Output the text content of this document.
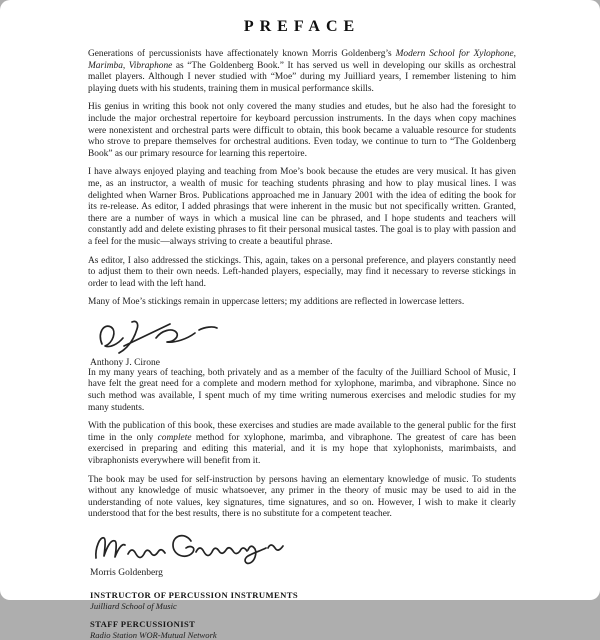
PREFACE

Generations of percussionists have affectionately known Morris Goldenberg’s Modern School for Xylophone, Marimba, Vibraphone as “The Goldenberg Book.” It has served us well in developing our skills as orchestral mallet players. Although I never studied with “Moe” during my Juilliard years, I remember listening to him playing duets with his students, training them in musical performance skills.

His genius in writing this book not only covered the many studies and etudes, but he also had the foresight to include the major orchestral repertoire for keyboard percussion instruments. In the days when copy machines were nonexistent and orchestral parts were difficult to obtain, this book became a valuable resource for students who strove to prepare themselves for orchestral auditions. Even today, we continue to turn to “The Goldenberg Book” as our primary resource for learning this repertoire.

I have always enjoyed playing and teaching from Moe’s book because the etudes are very musical. It has given me, as an instructor, a wealth of music for teaching students phrasing and how to play musical lines. I was delighted when Warner Bros. Publications approached me in January 2001 with the idea of editing the book for its re-release. As editor, I added phrasings that were inherent in the music but not specifically written. Granted, there are a number of ways in which a musical line can be phrased, and I hope students and teachers will constantly add and delete existing phrases to fit their personal musical tastes. The goal is to play with passion and a feel for the music—always striving to create a beautiful phrase.

As editor, I also addressed the stickings. This, again, takes on a personal preference, and players constantly need to adjust them to their own needs. Left-handed players, especially, may find it necessary to reverse stickings in order to lead with the left hand.

Many of Moe’s stickings remain in uppercase letters; my additions are reflected in lowercase letters.

Anthony J. Cirone

In my many years of teaching, both privately and as a member of the faculty of the Juilliard School of Music, I have felt the great need for a complete and modern method for xylophone, marimba, and vibraphone. Since no such method was available, I spent much of my time writing numerous exercises and melodic studies for my many students.

With the publication of this book, these exercises and studies are made available to the general public for the first time in the only complete method for xylophone, marimba, and vibraphone. The greatest of care has been exercised in preparing and editing this material, and it is my hope that xylophonists, marimbaists, and vibraphonists everywhere will benefit from it.

The book may be used for self-instruction by persons having an elementary knowledge of music. To students without any knowledge of music whatsoever, any primer in the theory of music may be used to aid in the understanding of note values, key signatures, time signatures, and so on. However, I wish to make it clearly understood that for the best results, there is no substitute for a competent teacher.

Morris Goldenberg
INSTRUCTOR OF PERCUSSION INSTRUMENTS
Juilliard School of Music
STAFF PERCUSSIONIST
Radio Station WOR-Mutual Network
